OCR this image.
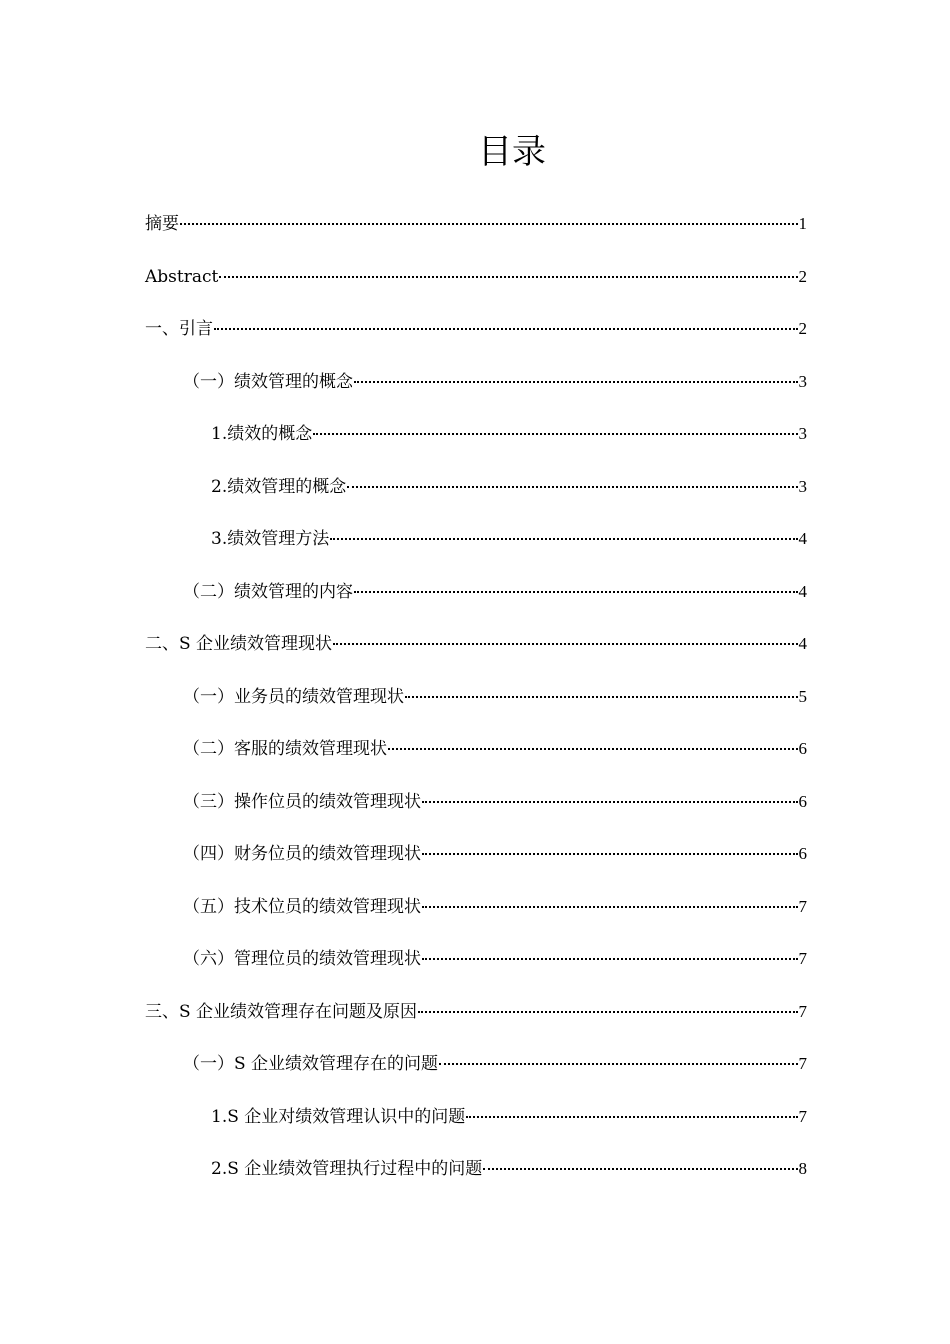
目录
摘要	1
Abstract	2
一、引言	2
（一）绩效管理的概念	3
1.绩效的概念	3
2.绩效管理的概念	3
3.绩效管理方法	4
（二）绩效管理的内容	4
二、S 企业绩效管理现状	4
（一）业务员的绩效管理现状	5
（二）客服的绩效管理现状	6
（三）操作位员的绩效管理现状	6
（四）财务位员的绩效管理现状	6
（五）技术位员的绩效管理现状	7
（六）管理位员的绩效管理现状	7
三、S 企业绩效管理存在问题及原因	7
（一）S 企业绩效管理存在的问题	7
1.S 企业对绩效管理认识中的问题	7
2.S 企业绩效管理执行过程中的问题	8
